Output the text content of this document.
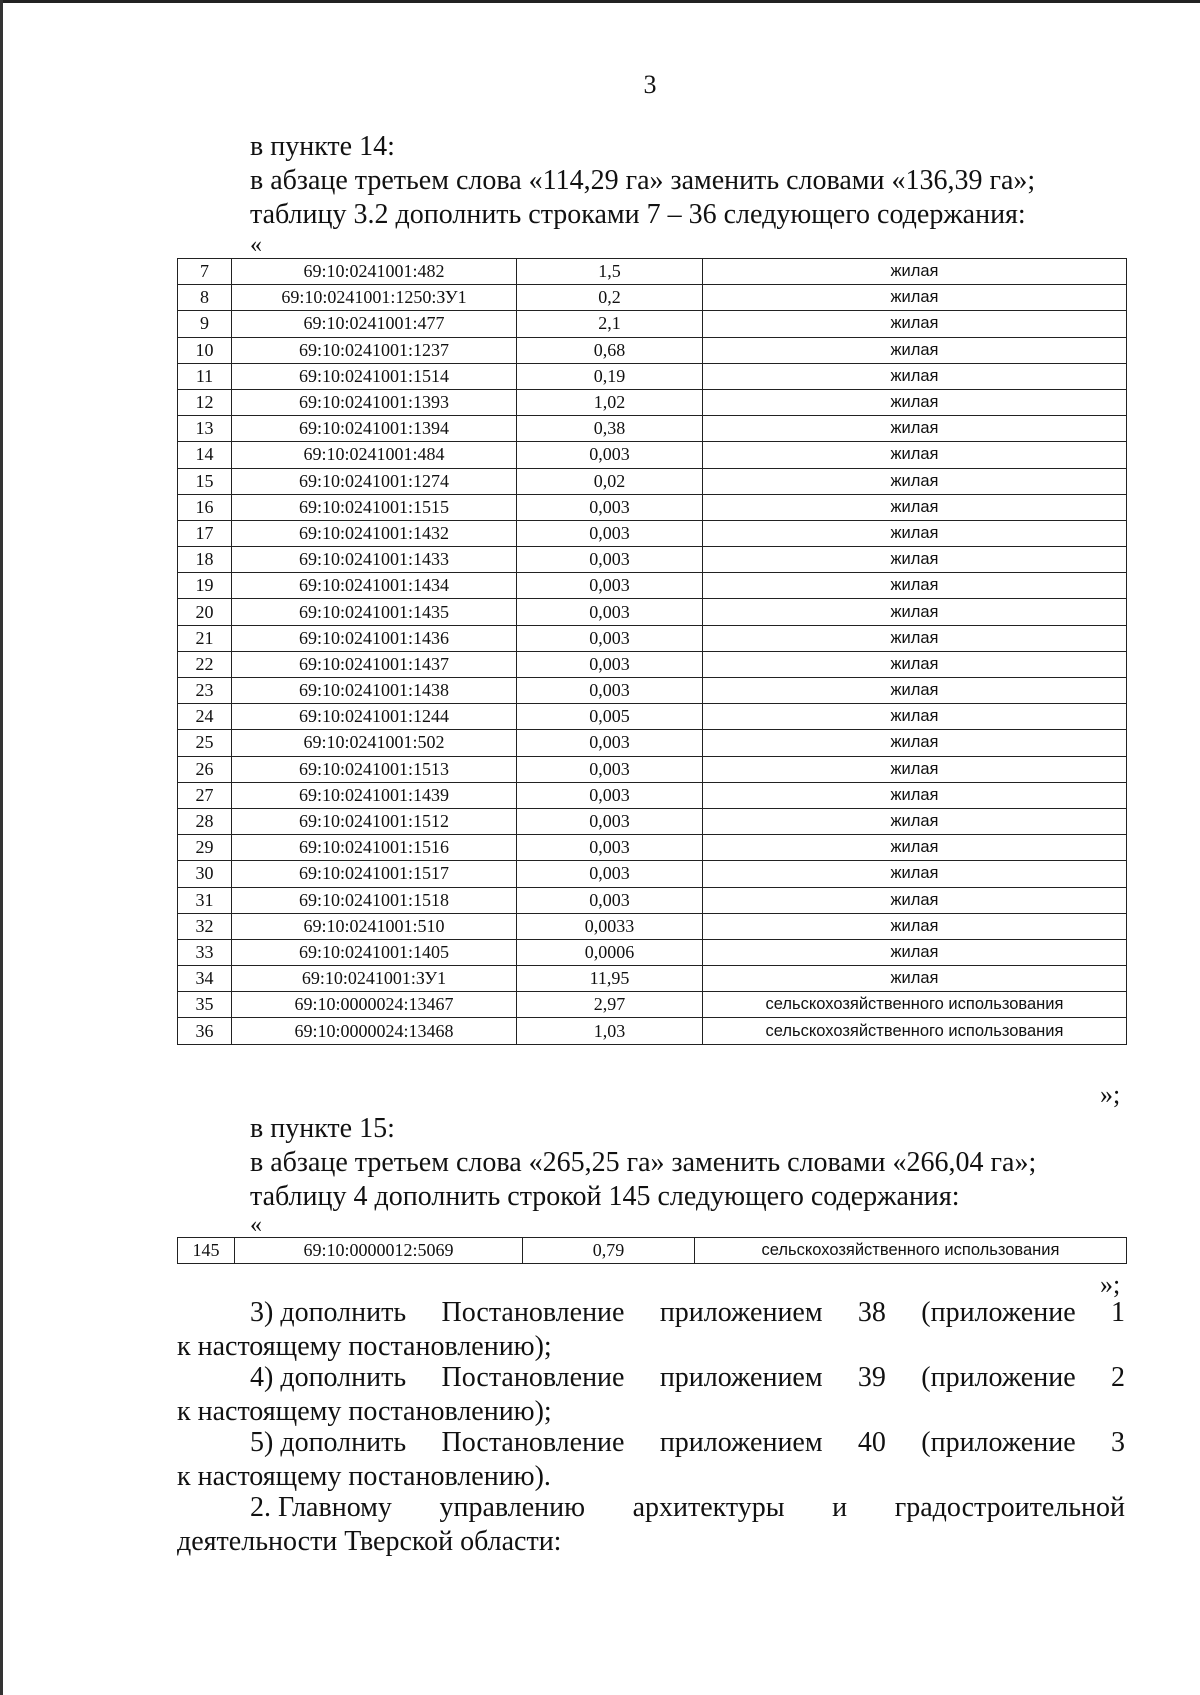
3
в пункте 14:
в абзаце третьем слова «114,29 га» заменить словами «136,39 га»;
таблицу 3.2 дополнить строками 7 – 36 следующего содержания:
«
7	69:10:0241001:482	1,5	жилая
8	69:10:0241001:1250:ЗУ1	0,2	жилая
9	69:10:0241001:477	2,1	жилая
10	69:10:0241001:1237	0,68	жилая
11	69:10:0241001:1514	0,19	жилая
12	69:10:0241001:1393	1,02	жилая
13	69:10:0241001:1394	0,38	жилая
14	69:10:0241001:484	0,003	жилая
15	69:10:0241001:1274	0,02	жилая
16	69:10:0241001:1515	0,003	жилая
17	69:10:0241001:1432	0,003	жилая
18	69:10:0241001:1433	0,003	жилая
19	69:10:0241001:1434	0,003	жилая
20	69:10:0241001:1435	0,003	жилая
21	69:10:0241001:1436	0,003	жилая
22	69:10:0241001:1437	0,003	жилая
23	69:10:0241001:1438	0,003	жилая
24	69:10:0241001:1244	0,005	жилая
25	69:10:0241001:502	0,003	жилая
26	69:10:0241001:1513	0,003	жилая
27	69:10:0241001:1439	0,003	жилая
28	69:10:0241001:1512	0,003	жилая
29	69:10:0241001:1516	0,003	жилая
30	69:10:0241001:1517	0,003	жилая
31	69:10:0241001:1518	0,003	жилая
32	69:10:0241001:510	0,0033	жилая
33	69:10:0241001:1405	0,0006	жилая
34	69:10:0241001:ЗУ1	11,95	жилая
35	69:10:0000024:13467	2,97	сельскохозяйственного использования
36	69:10:0000024:13468	1,03	сельскохозяйственного использования
»;
в пункте 15:
в абзаце третьем слова «265,25 га» заменить словами «266,04 га»;
таблицу 4 дополнить строкой 145 следующего содержания:
«
145	69:10:0000012:5069	0,79	сельскохозяйственного использования
»;
3) дополнить Постановление приложением 38 (приложение 1
к настоящему постановлению);
4) дополнить Постановление приложением 39 (приложение 2
к настоящему постановлению);
5) дополнить Постановление приложением 40 (приложение 3
к настоящему постановлению).
2. Главному управлению архитектуры и градостроительной
деятельности Тверской области:
